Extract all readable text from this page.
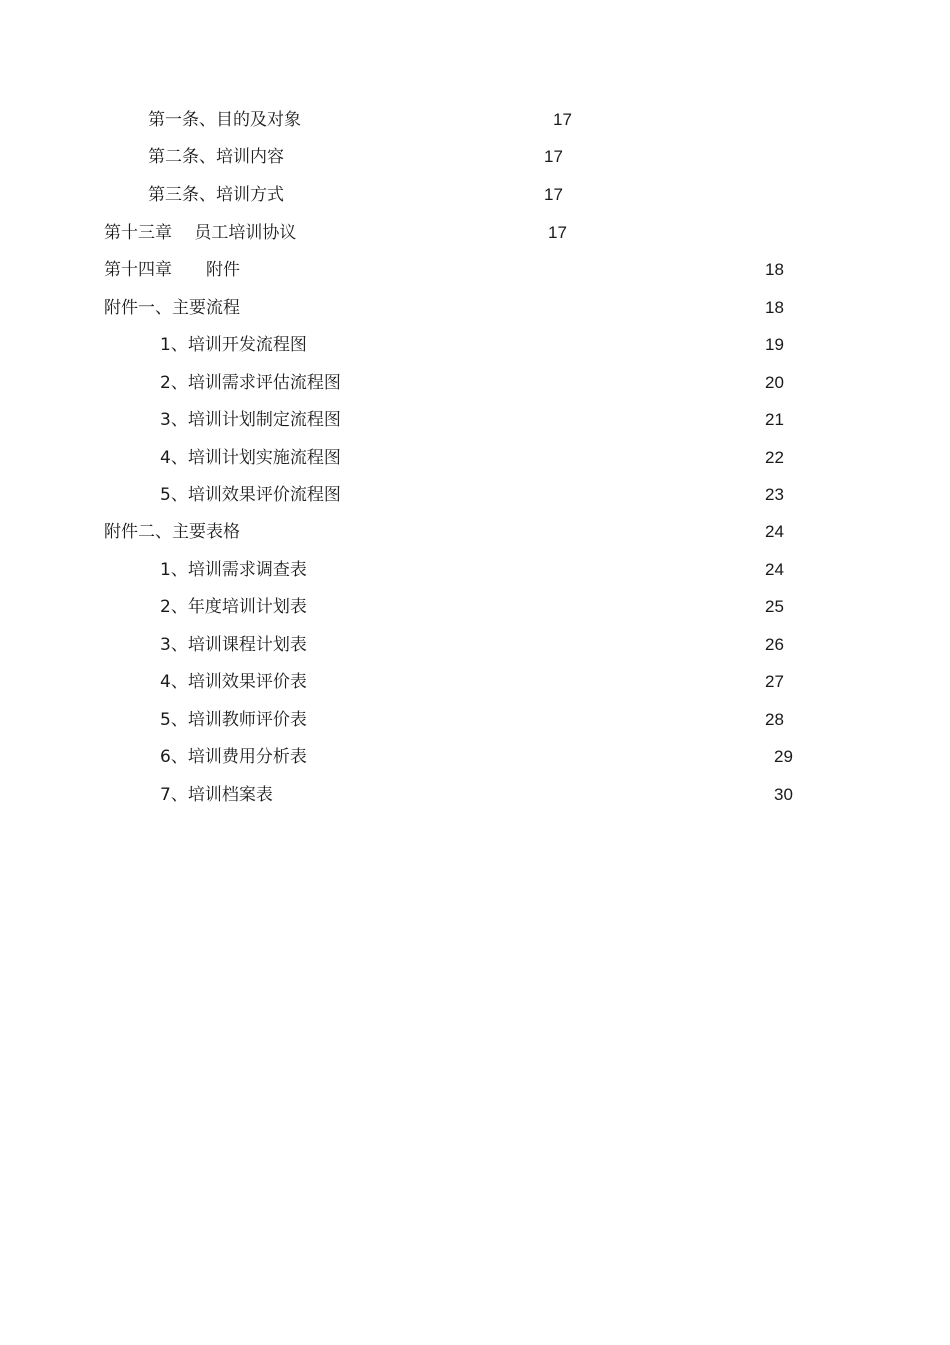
第一条、目的及对象	17
第二条、培训内容	17
第三条、培训方式	17
第十三章　 员工培训协议	17
第十四章　　附件	18
附件一、主要流程	18
1、培训开发流程图	19
2、培训需求评估流程图	20
3、培训计划制定流程图	21
4、培训计划实施流程图	22
5、培训效果评价流程图	23
附件二、主要表格	24
1、培训需求调查表	24
2、年度培训计划表	25
3、培训课程计划表	26
4、培训效果评价表	27
5、培训教师评价表	28
6、培训费用分析表	29
7、培训档案表	30
